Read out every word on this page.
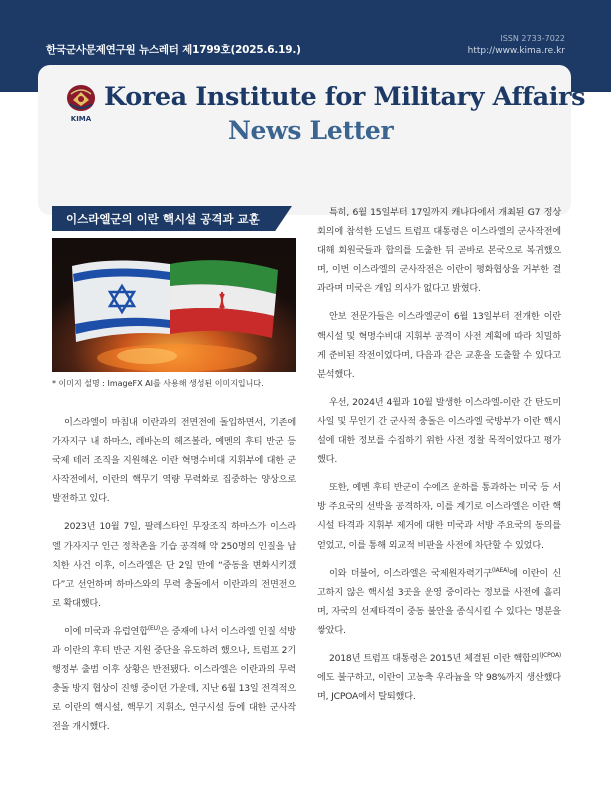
한국군사문제연구원 뉴스레터 제1799호(2025.6.19.)
ISSN 2733-7022
http://www.kima.re.kr
KIMA
Korea Institute for Military Affairs
News Letter
이스라엘군의 이란 핵시설 공격과 교훈
* 이미지 설명 : ImageFX AI를 사용해 생성된 이미지입니다.

이스라엘이 마침내 이란과의 전면전에 돌입하면서, 기존에 가자지구 내 하마스, 레바논의 헤즈볼라, 예멘의 후티 반군 등 국제 테러 조직을 지원해온 이란 혁명수비대 지휘부에 대한 군사작전에서, 이란의 핵무기 역량 무력화로 집중하는 양상으로 발전하고 있다.

2023년 10월 7일, 팔레스타인 무장조직 하마스가 이스라엘 가자지구 인근 정착촌을 기습 공격해 약 250명의 인질을 납치한 사건 이후, 이스라엘은 단 2일 만에 “중동을 변화시키겠다”고 선언하며 하마스와의 무력 충돌에서 이란과의 전면전으로 확대했다.

이에 미국과 유럽연합$^{(EU)}$은 중재에 나서 이스라엘 인질 석방과 이란의 후티 반군 지원 중단을 유도하려 했으나, 트럼프 2기 행정부 출범 이후 상황은 반전됐다. 이스라엘은 이란과의 무력 충돌 방지 협상이 진행 중이던 가운데, 지난 6월 13일 전격적으로 이란의 핵시설, 핵무기 지휘소, 연구시설 등에 대한 군사작전을 개시했다.

특히, 6월 15일부터 17일까지 캐나다에서 개최된 G7 정상회의에 참석한 도널드 트럼프 대통령은 이스라엘의 군사작전에 대해 회원국들과 합의를 도출한 뒤 곧바로 본국으로 복귀했으며, 이번 이스라엘의 군사작전은 이란이 평화협상을 거부한 결과라며 미국은 개입 의사가 없다고 밝혔다.

안보 전문가들은 이스라엘군이 6월 13일부터 전개한 이란 핵시설 및 혁명수비대 지휘부 공격이 사전 계획에 따라 치밀하게 준비된 작전이었다며, 다음과 같은 교훈을 도출할 수 있다고 분석했다.

우선, 2024년 4월과 10월 발생한 이스라엘-이란 간 탄도미사일 및 무인기 간 군사적 충돌은 이스라엘 국방부가 이란 핵시설에 대한 정보를 수집하기 위한 사전 정찰 목적이었다고 평가했다.

또한, 예멘 후티 반군이 수에즈 운하를 통과하는 미국 등 서방 주요국의 선박을 공격하자, 이를 계기로 이스라엘은 이란 핵시설 타격과 지휘부 제거에 대한 미국과 서방 주요국의 동의를 얻었고, 이를 통해 외교적 비판을 사전에 차단할 수 있었다.

이와 더불어, 이스라엘은 국제원자력기구$^{(IAEA)}$에 이란이 신고하지 않은 핵시설 3곳을 운영 중이라는 정보를 사전에 흘리며, 자국의 선제타격이 중동 불안을 종식시킬 수 있다는 명분을 쌓았다.

2018년 트럼프 대통령은 2015년 체결된 이란 핵합의$^{(JCPOA)}$에도 불구하고, 이란이 고농축 우라늄을 약 98%까지 생산했다며, JCPOA에서 탈퇴했다.
